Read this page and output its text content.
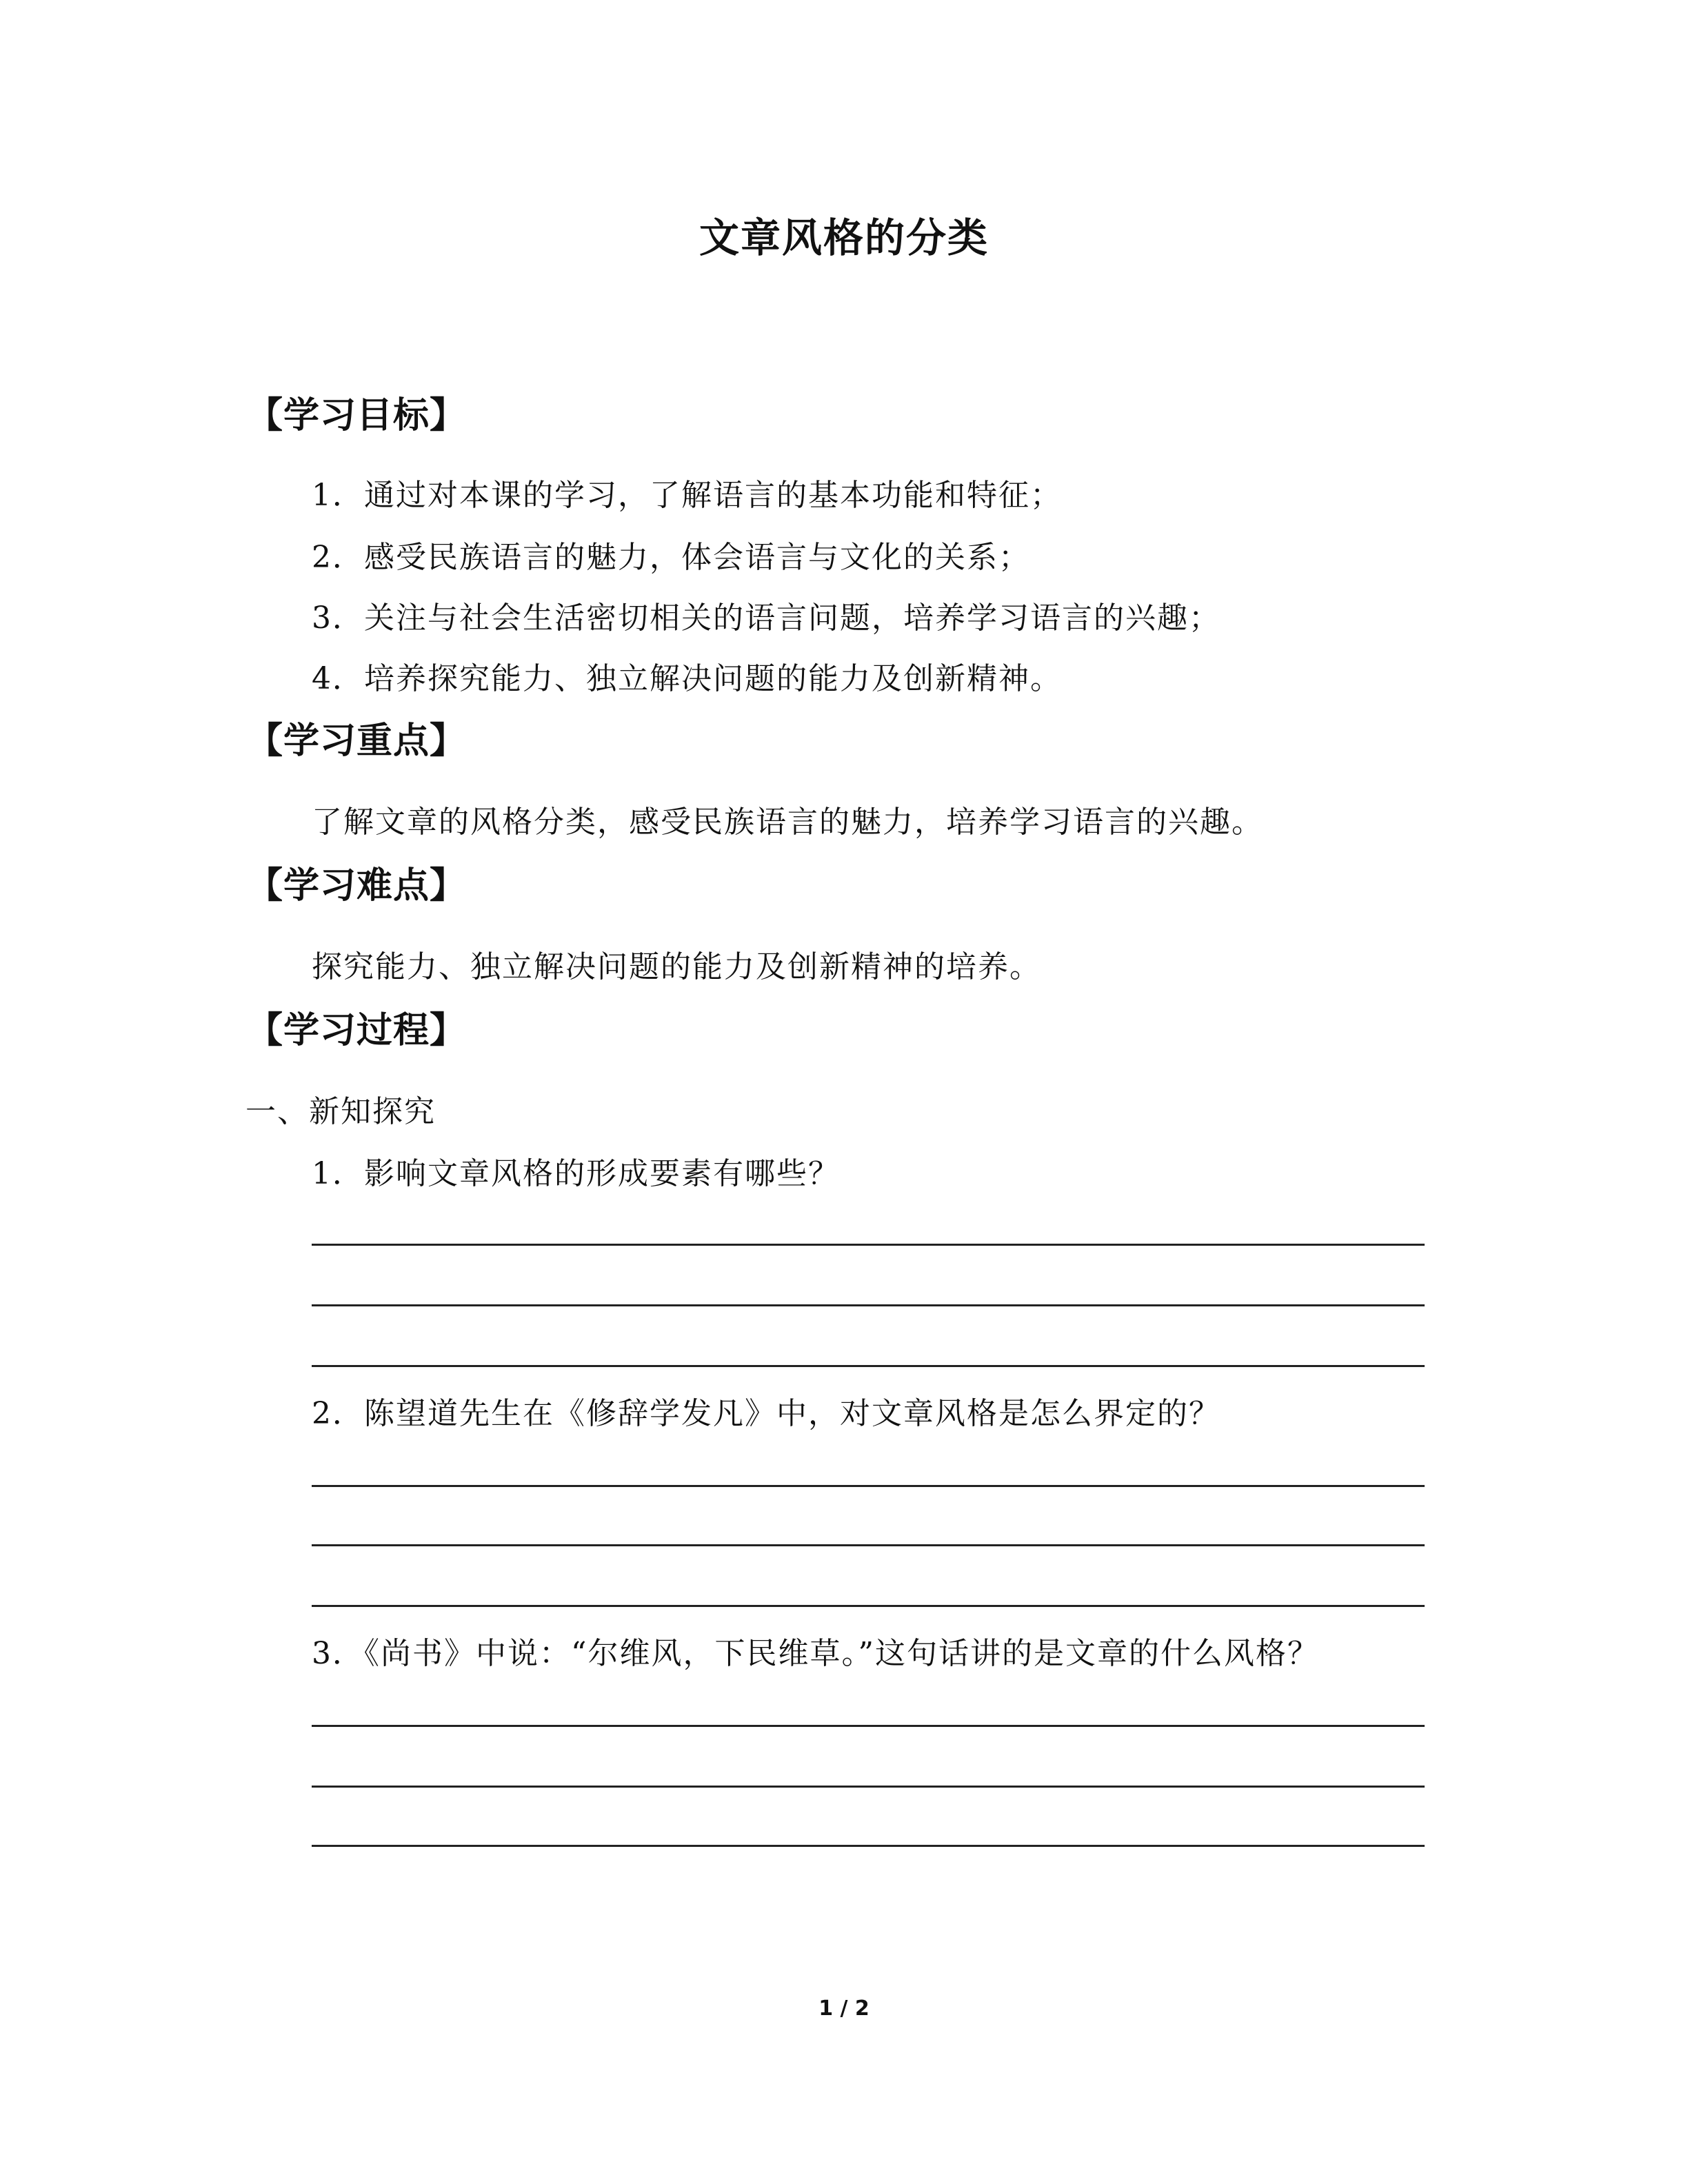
文章风格的分类
【学习目标】
1．通过对本课的学习，了解语言的基本功能和特征；
2．感受民族语言的魅力，体会语言与文化的关系；
3．关注与社会生活密切相关的语言问题，培养学习语言的兴趣；
4．培养探究能力、独立解决问题的能力及创新精神。
【学习重点】
了解文章的风格分类，感受民族语言的魅力，培养学习语言的兴趣。
【学习难点】
探究能力、独立解决问题的能力及创新精神的培养。
【学习过程】
一、新知探究
1．影响文章风格的形成要素有哪些？
2．陈望道先生在《修辞学发凡》中，对文章风格是怎么界定的？
3．《尚书》中说：“尔维风，下民维草。”这句话讲的是文章的什么风格？
1 / 2
